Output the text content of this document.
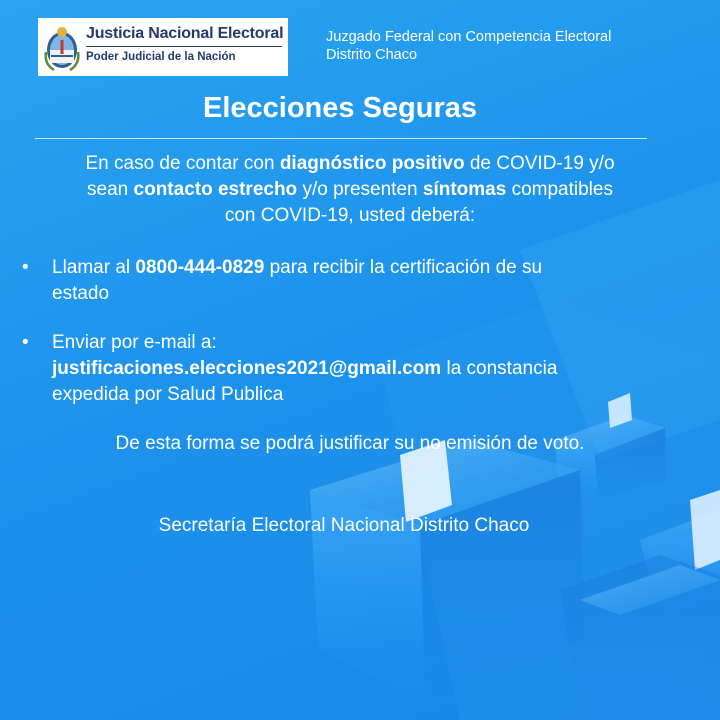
Justicia Nacional Electoral
Poder Judicial de la Nación
Juzgado Federal con Competencia Electoral
Distrito Chaco
Elecciones Seguras
En caso de contar con diagnóstico positivo de COVID-19 y/o
sean contacto estrecho y/o presenten síntomas compatibles
con COVID-19, usted deberá:
• Llamar al 0800-444-0829 para recibir la certificación de su
estado
• Enviar por e-mail a:
justificaciones.elecciones2021@gmail.com la constancia
expedida por Salud Publica
De esta forma se podrá justificar su no emisión de voto.
Secretaría Electoral Nacional Distrito Chaco
